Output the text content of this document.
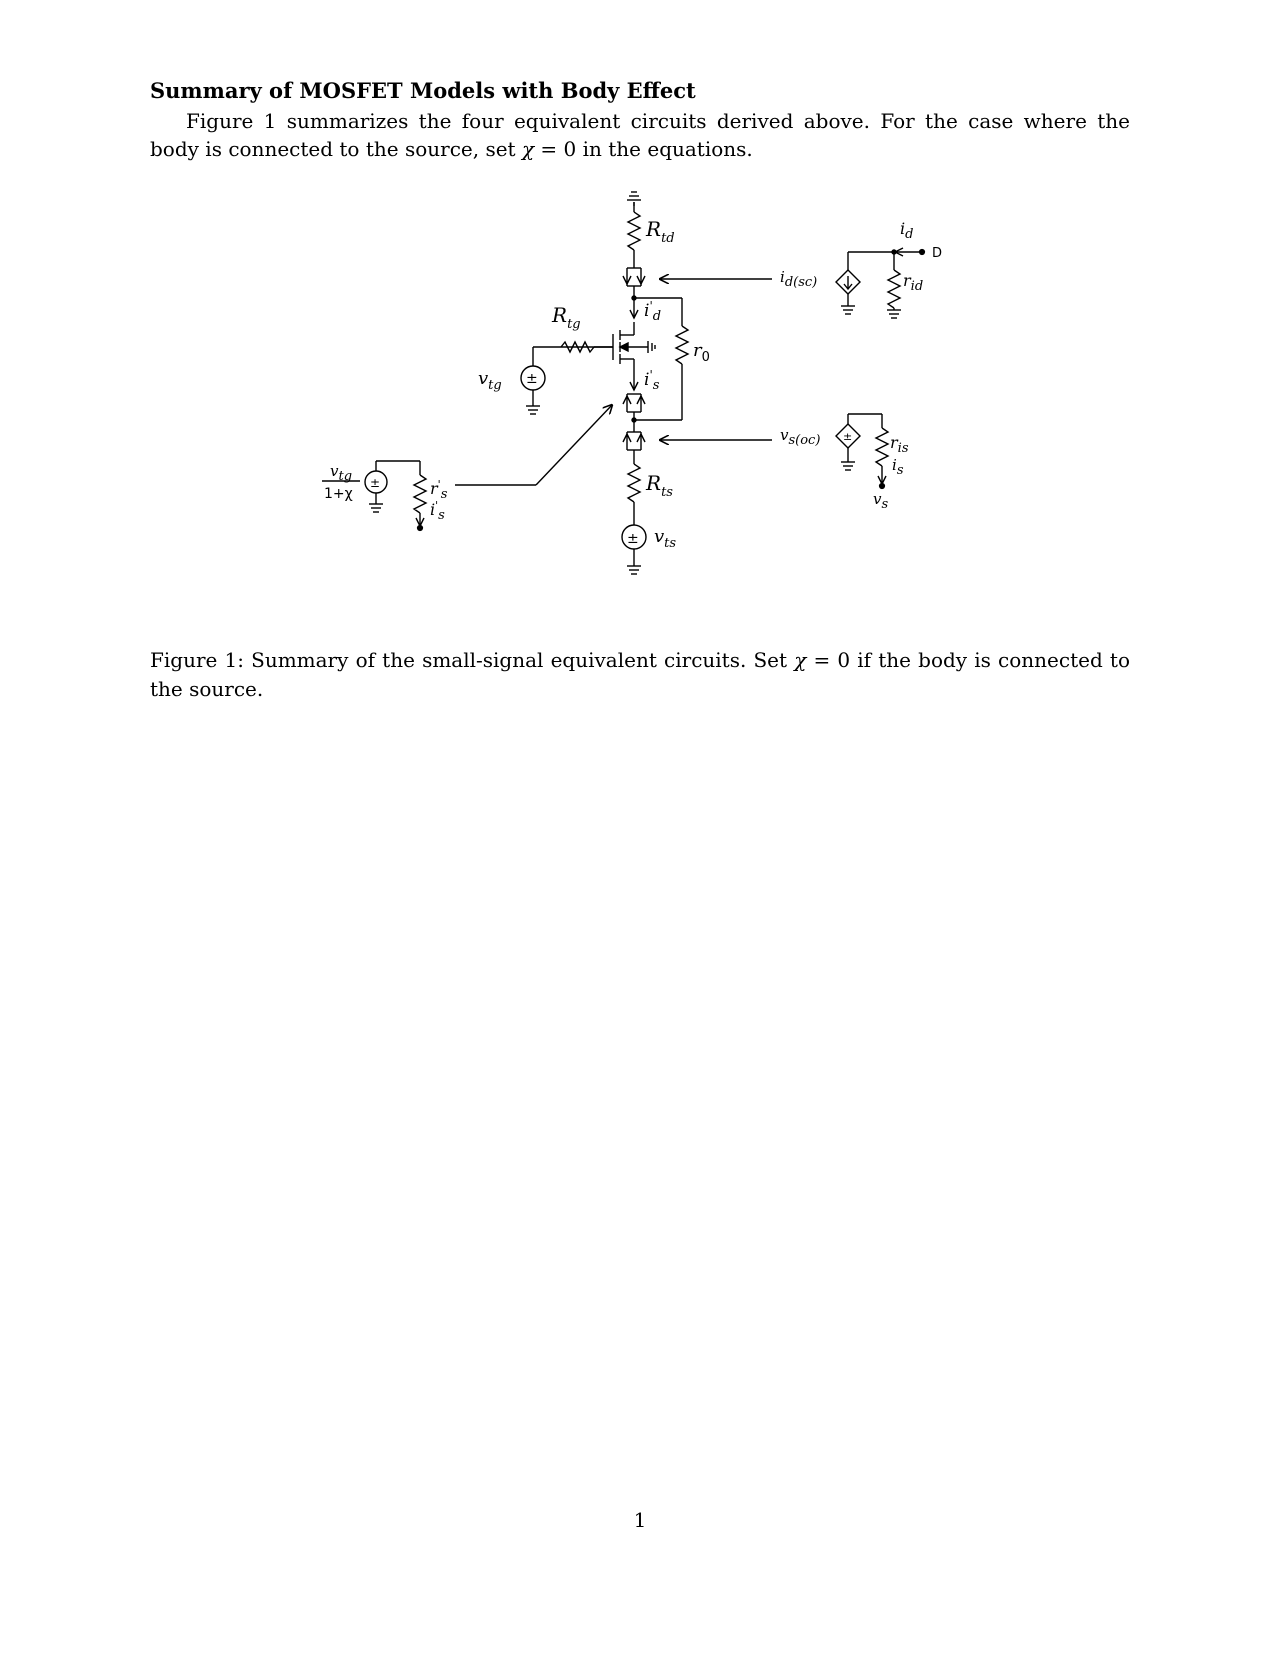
Summary of MOSFET Models with Body Effect
Figure 1 summarizes the four equivalent circuits derived above. For the case where the body is connected to the source, set χ = 0 in the equations.
±
±
±
±
$R_{td}$
$R_{tg}$
$v_{tg}$
$i'_d$
$r_0$
$i'_s$
$R_{ts}$
$v_{ts}$
$i_d$
D
id(sc)	$r_{id}$
vs(oc)	$r_{is}$
is
vs
vtg
1+χ	$r'_s$
$i'_s$
Figure 1: Summary of the small-signal equivalent circuits. Set χ = 0 if the body is connected to the source.
1
